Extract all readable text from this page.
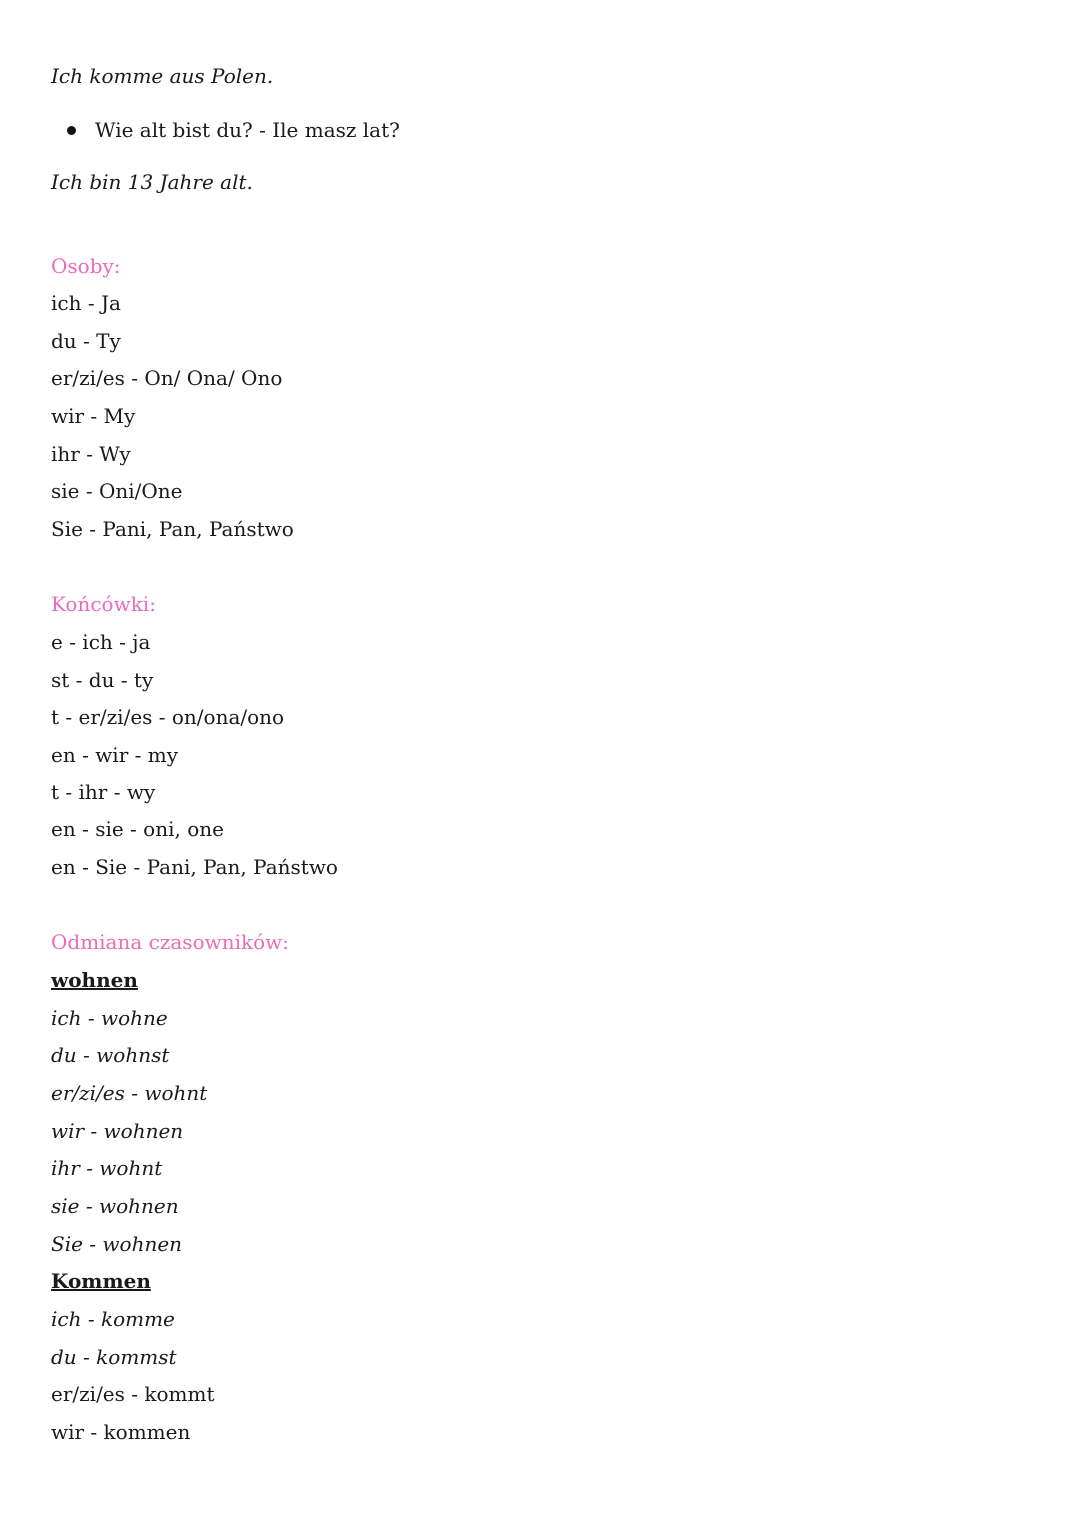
Ich komme aus Polen.
Wie alt bist du? - Ile masz lat?
Ich bin 13 Jahre alt.
Osoby:
ich - Ja
du - Ty
er/zi/es - On/ Ona/ Ono
wir - My
ihr - Wy
sie - Oni/One
Sie - Pani, Pan, Państwo
Końcówki:
e - ich - ja
st - du - ty
t - er/zi/es - on/ona/ono
en - wir - my
t - ihr - wy
en - sie - oni, one
en - Sie - Pani, Pan, Państwo
Odmiana czasowników:
wohnen
ich - wohne
du - wohnst
er/zi/es - wohnt
wir - wohnen
ihr - wohnt
sie - wohnen
Sie - wohnen
Kommen
ich - komme
du - kommst
er/zi/es - kommt
wir - kommen
